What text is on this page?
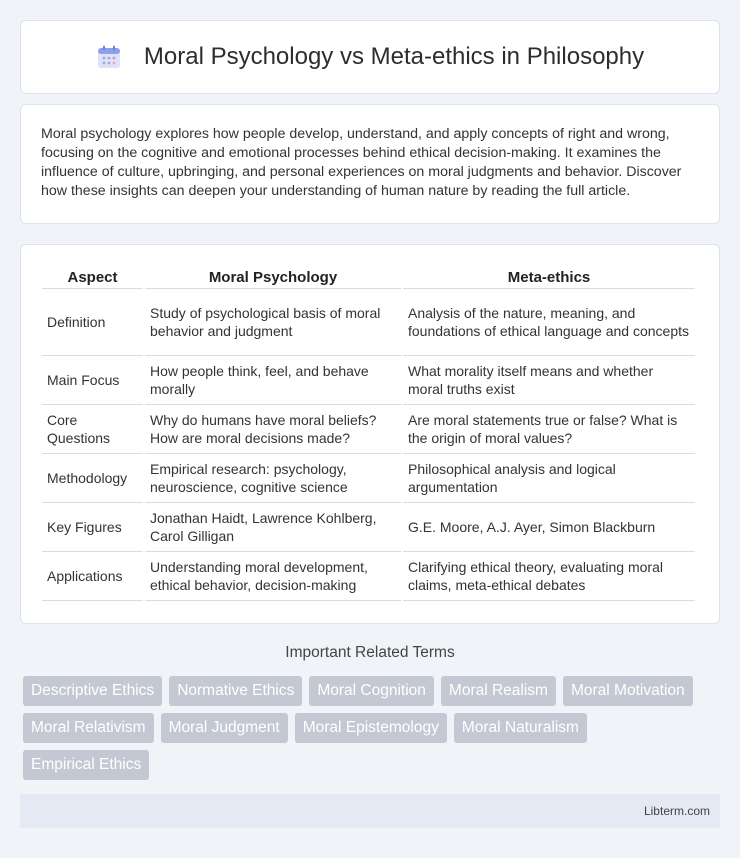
Moral Psychology vs Meta-ethics in Philosophy

Moral psychology explores how people develop, understand, and apply concepts of right and wrong, focusing on the cognitive and emotional processes behind ethical decision-making. It examines the influence of culture, upbringing, and personal experiences on moral judgments and behavior. Discover how these insights can deepen your understanding of human nature by reading the full article.

Aspect	Moral Psychology	Meta-ethics
Definition	Study of psychological basis of moral behavior and judgment	Analysis of the nature, meaning, and foundations of ethical language and concepts
Main Focus	How people think, feel, and behave morally	What morality itself means and whether moral truths exist
Core Questions	Why do humans have moral beliefs? How are moral decisions made?	Are moral statements true or false? What is the origin of moral values?
Methodology	Empirical research: psychology, neuroscience, cognitive science	Philosophical analysis and logical argumentation
Key Figures	Jonathan Haidt, Lawrence Kohlberg, Carol Gilligan	G.E. Moore, A.J. Ayer, Simon Blackburn
Applications	Understanding moral development, ethical behavior, decision-making	Clarifying ethical theory, evaluating moral claims, meta-ethical debates
Important Related Terms
Descriptive Ethics	Normative Ethics	Moral Cognition	Moral Realism	Moral Motivation
Moral Relativism	Moral Judgment	Moral Epistemology	Moral Naturalism
Empirical Ethics
Libterm.com
